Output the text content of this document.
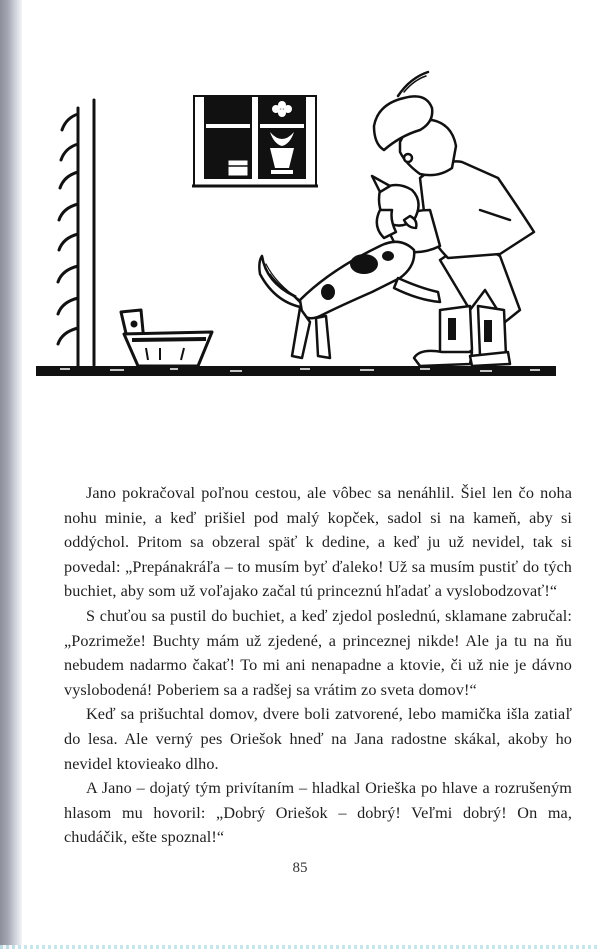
Jano pokračoval poľnou cestou, ale vôbec sa nenáhlil. Šiel len čo noha nohu minie, a keď prišiel pod malý kopček, sadol si na kameň, aby si oddýchol. Pritom sa obzeral späť k dedine, a keď ju už nevidel, tak si povedal: „Prepánakráľa – to musím byť ďaleko! Už sa musím pustiť do tých buchiet, aby som už voľajako začal tú princeznú hľadať a vyslobodzovať!“

S chuťou sa pustil do buchiet, a keď zjedol poslednú, sklamane zabručal: „Pozrimeže! Buchty mám už zjedené, a princeznej nikde! Ale ja tu na ňu nebudem nadarmo čakať! To mi ani nenapadne a ktovie, či už nie je dávno vyslobodená! Poberiem sa a radšej sa vrátim zo sveta domov!“

Keď sa prišuchtal domov, dvere boli zatvorené, lebo mamička išla zatiaľ do lesa. Ale verný pes Oriešok hneď na Jana radostne skákal, akoby ho nevidel ktovieako dlho.

A Jano – dojatý tým privítaním – hladkal Orieška po hlave a rozrušeným hlasom mu hovoril: „Dobrý Oriešok – dobrý! Veľmi dobrý! On ma, chudáčik, ešte spoznal!“

85
